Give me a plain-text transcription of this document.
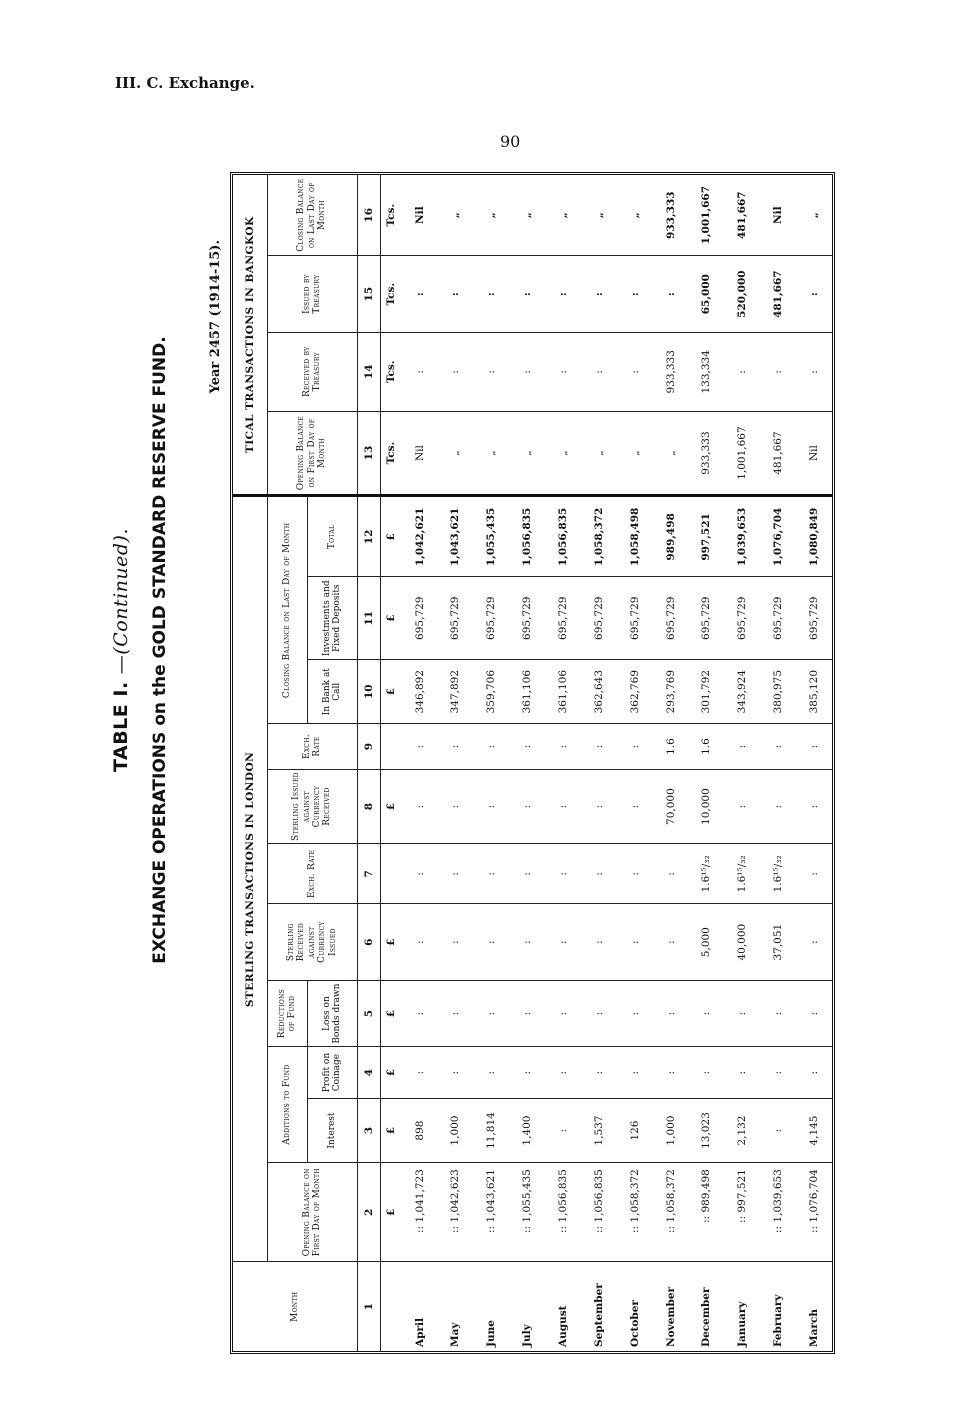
III. C. Exchange.
90
TABLE I. —(Continued). EXCHANGE OPERATIONS on the GOLD STANDARD RESERVE FUND.
Year 2457 (1914-15).
Month	STERLING TRANSACTIONS IN LONDON											TICAL TRANSACTIONS IN BANGKOK			
	Opening Balance on First Day of Month	Additions to Fund		Reductions of Fund	Sterling Received against Currency Issued	Exch. Rate	Sterling Issued against Currency Received	Exch. Rate	Closing Balance on Last Day of Month			Opening Balance on First Day of Month	Received by Treasury	Issued by Treasury	Closing Balance on Last Day of Month
		Interest	Profit on Coinage	Loss on Bonds drawn					In Bank at Call	Investments and Fixed Deposits	Total				
1	2	3	4	5	6	7	8	9	10	11	12	13	14	15	16
	£	£	£	£	£		£		£	£	£	Tcs.	Tcs.	Tcs.	Tcs.
April	:: 1,041,723	898	:	:	:	:	:	:	346,892	695,729	1,042,621	Nil	:	:	Nil
May	:: 1,042,623	1,000	:	:	:	:	:	:	347,892	695,729	1,043,621	„	:	:	„
June	:: 1,043,621	11,814	:	:	:	:	:	:	359,706	695,729	1,055,435	„	:	:	„
July	:: 1,055,435	1,400	:	:	:	:	:	:	361,106	695,729	1,056,835	„	:	:	„
August	:: 1,056,835	:	:	:	:	:	:	:	361,106	695,729	1,056,835	„	:	:	„
September	:: 1,056,835	1,537	:	:	:	:	:	:	362,643	695,729	1,058,372	„	:	:	„
October	:: 1,058,372	126	:	:	:	:	:	:	362,769	695,729	1,058,498	„	:	:	„
November	:: 1,058,372	1,000	:	:	:	:	70,000	1.6	293,769	695,729	989,498	„	933,333	:	933,333
December	:: 989,498	13,023	:	:	5,000	1.6¹⁵/₃₂	10,000	1.6	301,792	695,729	997,521	933,333	133,334	65,000	1,001,667
January	:: 997,521	2,132	:	:	40,000	1.6¹⁵/₃₂	:	:	343,924	695,729	1,039,653	1,001,667	:	520,000	481,667
February	:: 1,039,653	:	:	:	37,051	1.6¹⁵/₃₂	:	:	380,975	695,729	1,076,704	481,667	:	481,667	Nil
March	:: 1,076,704	4,145	:	:	:	:	:	:	385,120	695,729	1,080,849	Nil	:	:	„
